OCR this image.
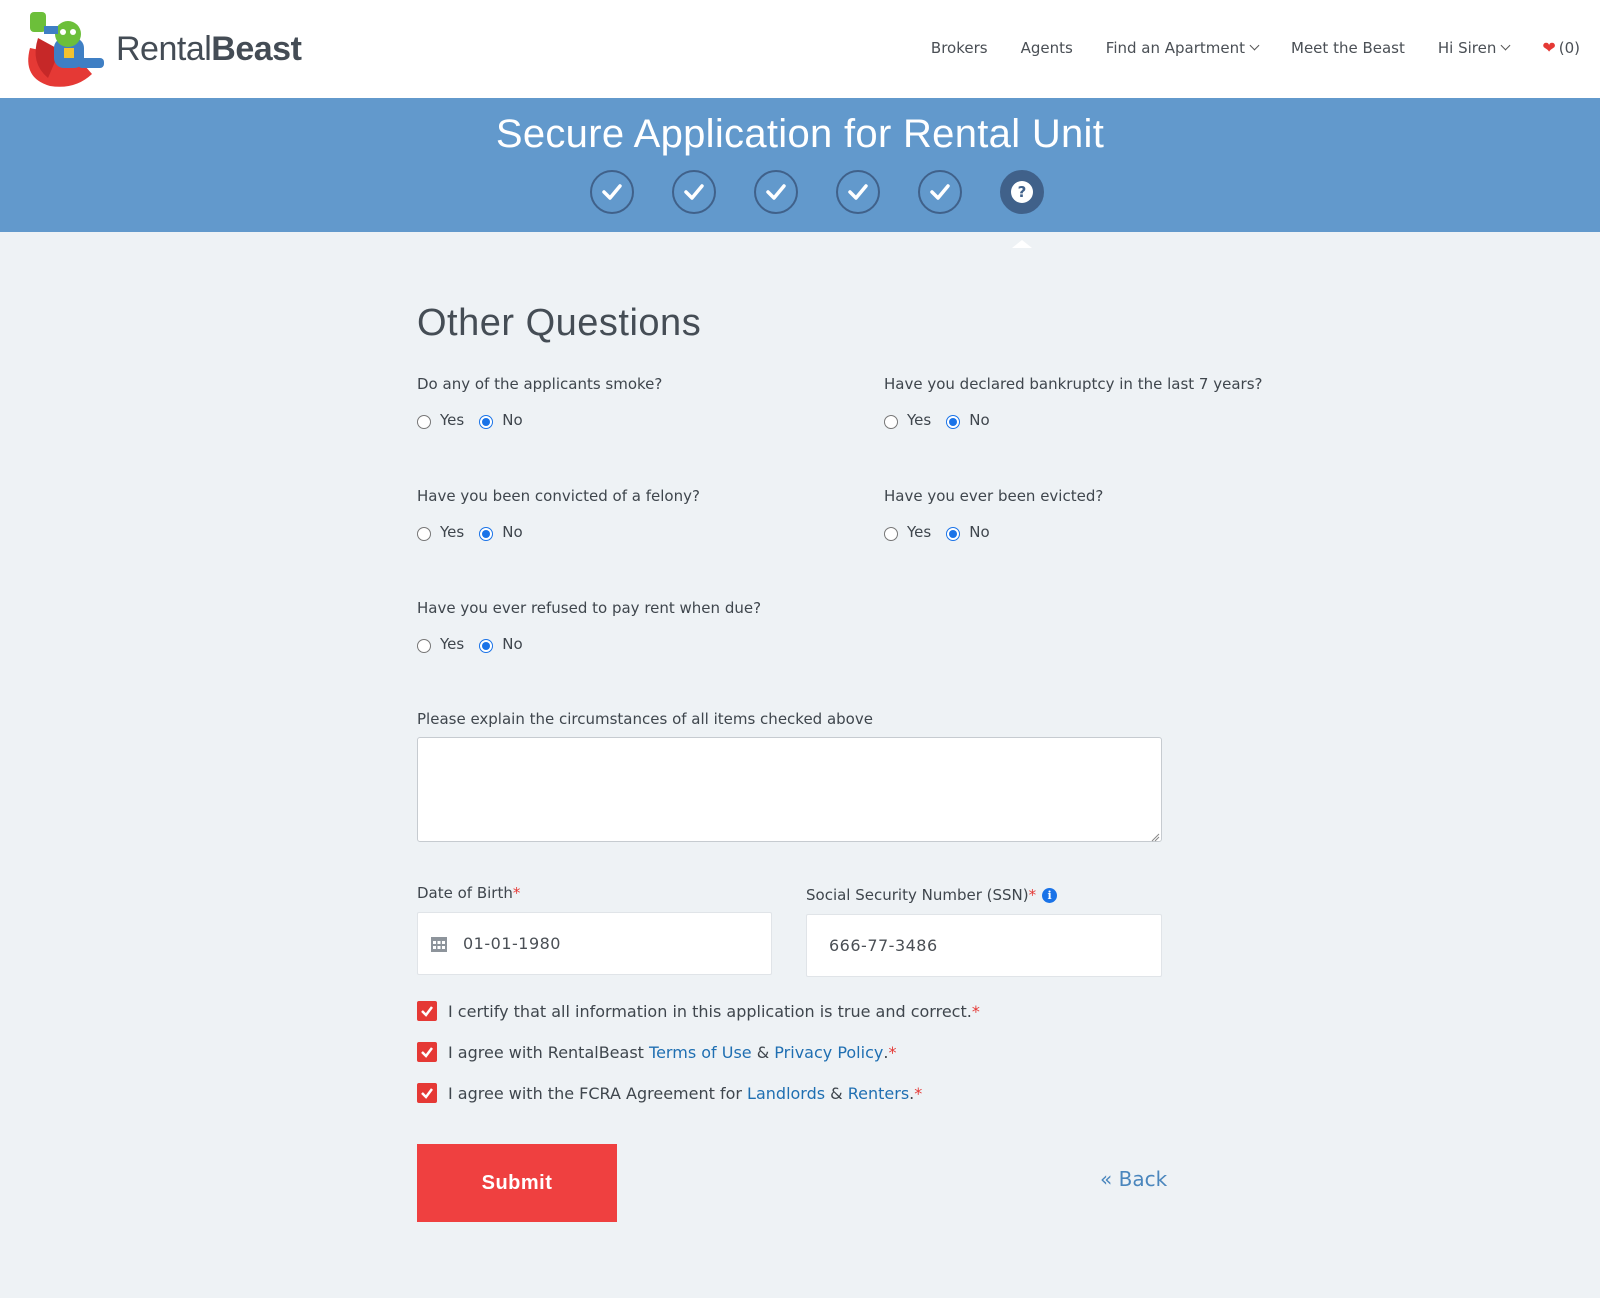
RentalBeast	Brokers Agents Find an Apartment	Meet the Beast Hi Siren	❤ (0)
Secure Application for Rental Unit
?
Other Questions
Do any of the applicants smoke?
Yes	No
Have you declared bankruptcy in the last 7 years?
Yes	No
Have you been convicted of a felony?
Yes	No
Have you ever been evicted?
Yes	No
Have you ever refused to pay rent when due?
Yes	No
Please explain the circumstances of all items checked above
Date of Birth*
01-01-1980
Social Security Number (SSN)* i
666-77-3486
I certify that all information in this application is true and correct. *
I agree with RentalBeast Terms of Use & Privacy Policy . *
I agree with the FCRA Agreement for Landlords & Renters . *
Submit	« Back
